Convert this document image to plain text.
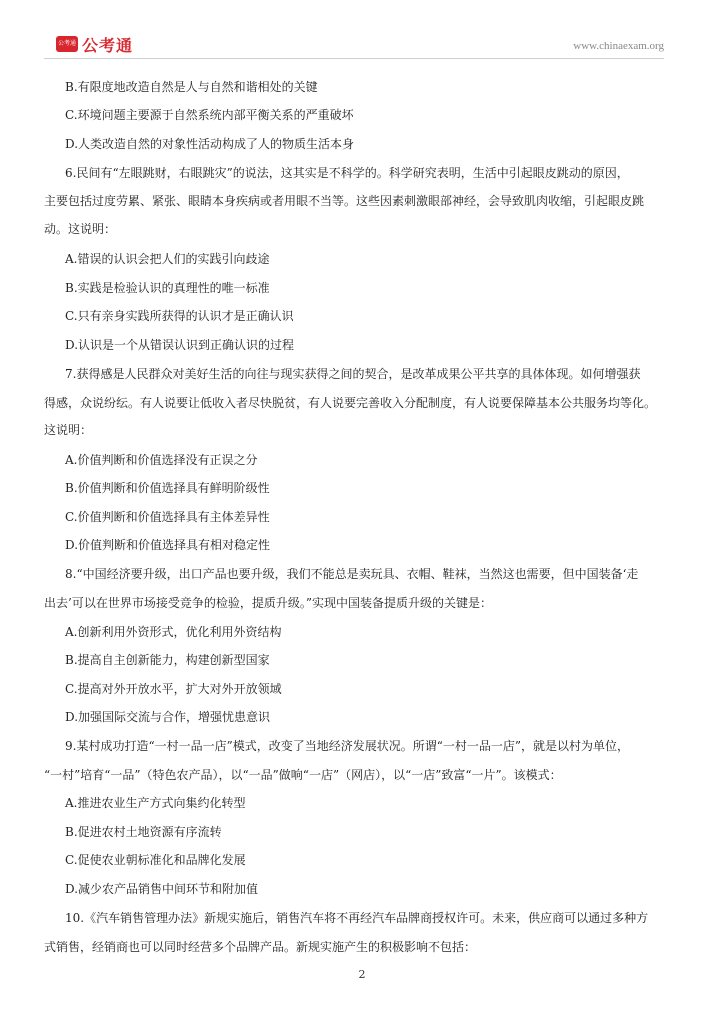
公考通 公考通	www.chinaexam.org
B.有限度地改造自然是人与自然和谐相处的关键
C.环境问题主要源于自然系统内部平衡关系的严重破坏
D.人类改造自然的对象性活动构成了人的物质生活本身
6.民间有“左眼跳财，右眼跳灾”的说法，这其实是不科学的。科学研究表明，生活中引起眼皮跳动的原因，
主要包括过度劳累、紧张、眼睛本身疾病或者用眼不当等。这些因素刺激眼部神经，会导致肌肉收缩，引起眼皮跳
动。这说明：
A.错误的认识会把人们的实践引向歧途
B.实践是检验认识的真理性的唯一标准
C.只有亲身实践所获得的认识才是正确认识
D.认识是一个从错误认识到正确认识的过程
7.获得感是人民群众对美好生活的向往与现实获得之间的契合，是改革成果公平共享的具体体现。如何增强获
得感，众说纷纭。有人说要让低收入者尽快脱贫，有人说要完善收入分配制度，有人说要保障基本公共服务均等化。
这说明：
A.价值判断和价值选择没有正误之分
B.价值判断和价值选择具有鲜明阶级性
C.价值判断和价值选择具有主体差异性
D.价值判断和价值选择具有相对稳定性
8.“中国经济要升级，出口产品也要升级，我们不能总是卖玩具、衣帽、鞋袜，当然这也需要，但中国装备‘走
出去’可以在世界市场接受竞争的检验，提质升级。”实现中国装备提质升级的关键是：
A.创新利用外资形式，优化利用外资结构
B.提高自主创新能力，构建创新型国家
C.提高对外开放水平，扩大对外开放领域
D.加强国际交流与合作，增强忧患意识
9.某村成功打造“一村一品一店”模式，改变了当地经济发展状况。所谓“一村一品一店”，就是以村为单位，
“一村”培育“一品”（特色农产品），以“一品”做响“一店”（网店），以“一店”致富“一片”。该模式：
A.推进农业生产方式向集约化转型
B.促进农村土地资源有序流转
C.促使农业朝标准化和品牌化发展
D.减少农产品销售中间环节和附加值
10.《汽车销售管理办法》新规实施后，销售汽车将不再经汽车品牌商授权许可。未来，供应商可以通过多种方
式销售，经销商也可以同时经营多个品牌产品。新规实施产生的积极影响不包括：
2
